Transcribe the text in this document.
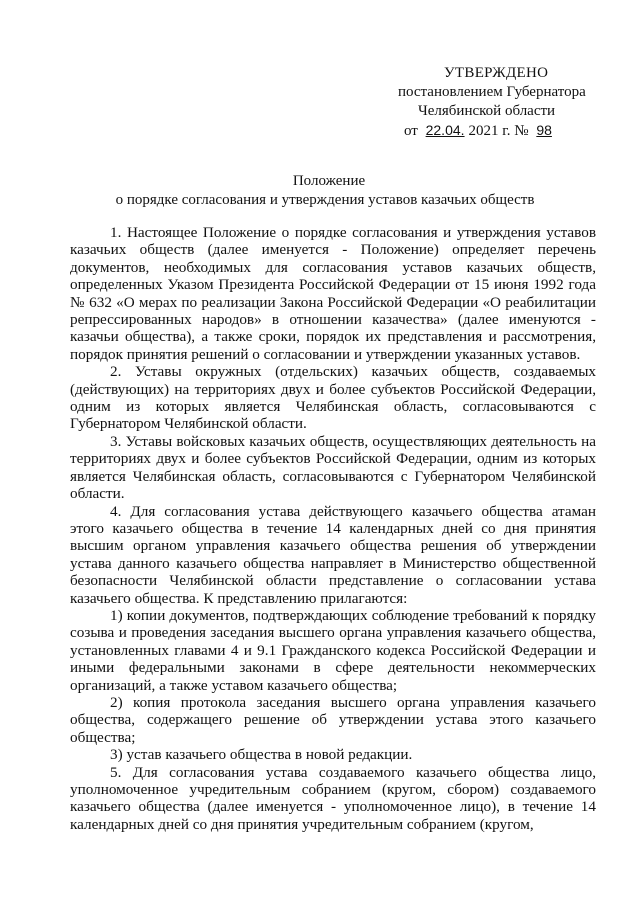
УТВЕРЖДЕНО
постановлением Губернатора
Челябинской области
от 22.04. 2021 г. № 98
Положение
о порядке согласования и утверждения уставов казачьих обществ

1. Настоящее Положение о порядке согласования и утверждения уставов казачьих обществ (далее именуется - Положение) определяет перечень документов, необходимых для согласования уставов казачьих обществ, определенных Указом Президента Российской Федерации от 15 июня 1992 года № 632 «О мерах по реализации Закона Российской Федерации «О реабилитации репрессированных народов» в отношении казачества» (далее именуются - казачьи общества), а также сроки, порядок их представления и рассмотрения, порядок принятия решений о согласовании и утверждении указанных уставов.

2. Уставы окружных (отдельских) казачьих обществ, создаваемых (действующих) на территориях двух и более субъектов Российской Федерации, одним из которых является Челябинская область, согласовываются с Губернатором Челябинской области.

3. Уставы войсковых казачьих обществ, осуществляющих деятельность на территориях двух и более субъектов Российской Федерации, одним из которых является Челябинская область, согласовываются с Губернатором Челябинской области.

4. Для согласования устава действующего казачьего общества атаман этого казачьего общества в течение 14 календарных дней со дня принятия высшим органом управления казачьего общества решения об утверждении устава данного казачьего общества направляет в Министерство общественной безопасности Челябинской области представление о согласовании устава казачьего общества. К представлению прилагаются:

1) копии документов, подтверждающих соблюдение требований к порядку созыва и проведения заседания высшего органа управления казачьего общества, установленных главами 4 и 9.1 Гражданского кодекса Российской Федерации и иными федеральными законами в сфере деятельности некоммерческих организаций, а также уставом казачьего общества;

2) копия протокола заседания высшего органа управления казачьего общества, содержащего решение об утверждении устава этого казачьего общества;

3) устав казачьего общества в новой редакции.

5. Для согласования устава создаваемого казачьего общества лицо, уполномоченное учредительным собранием (кругом, сбором) создаваемого казачьего общества (далее именуется - уполномоченное лицо), в течение 14 календарных дней со дня принятия учредительным собранием (кругом,
